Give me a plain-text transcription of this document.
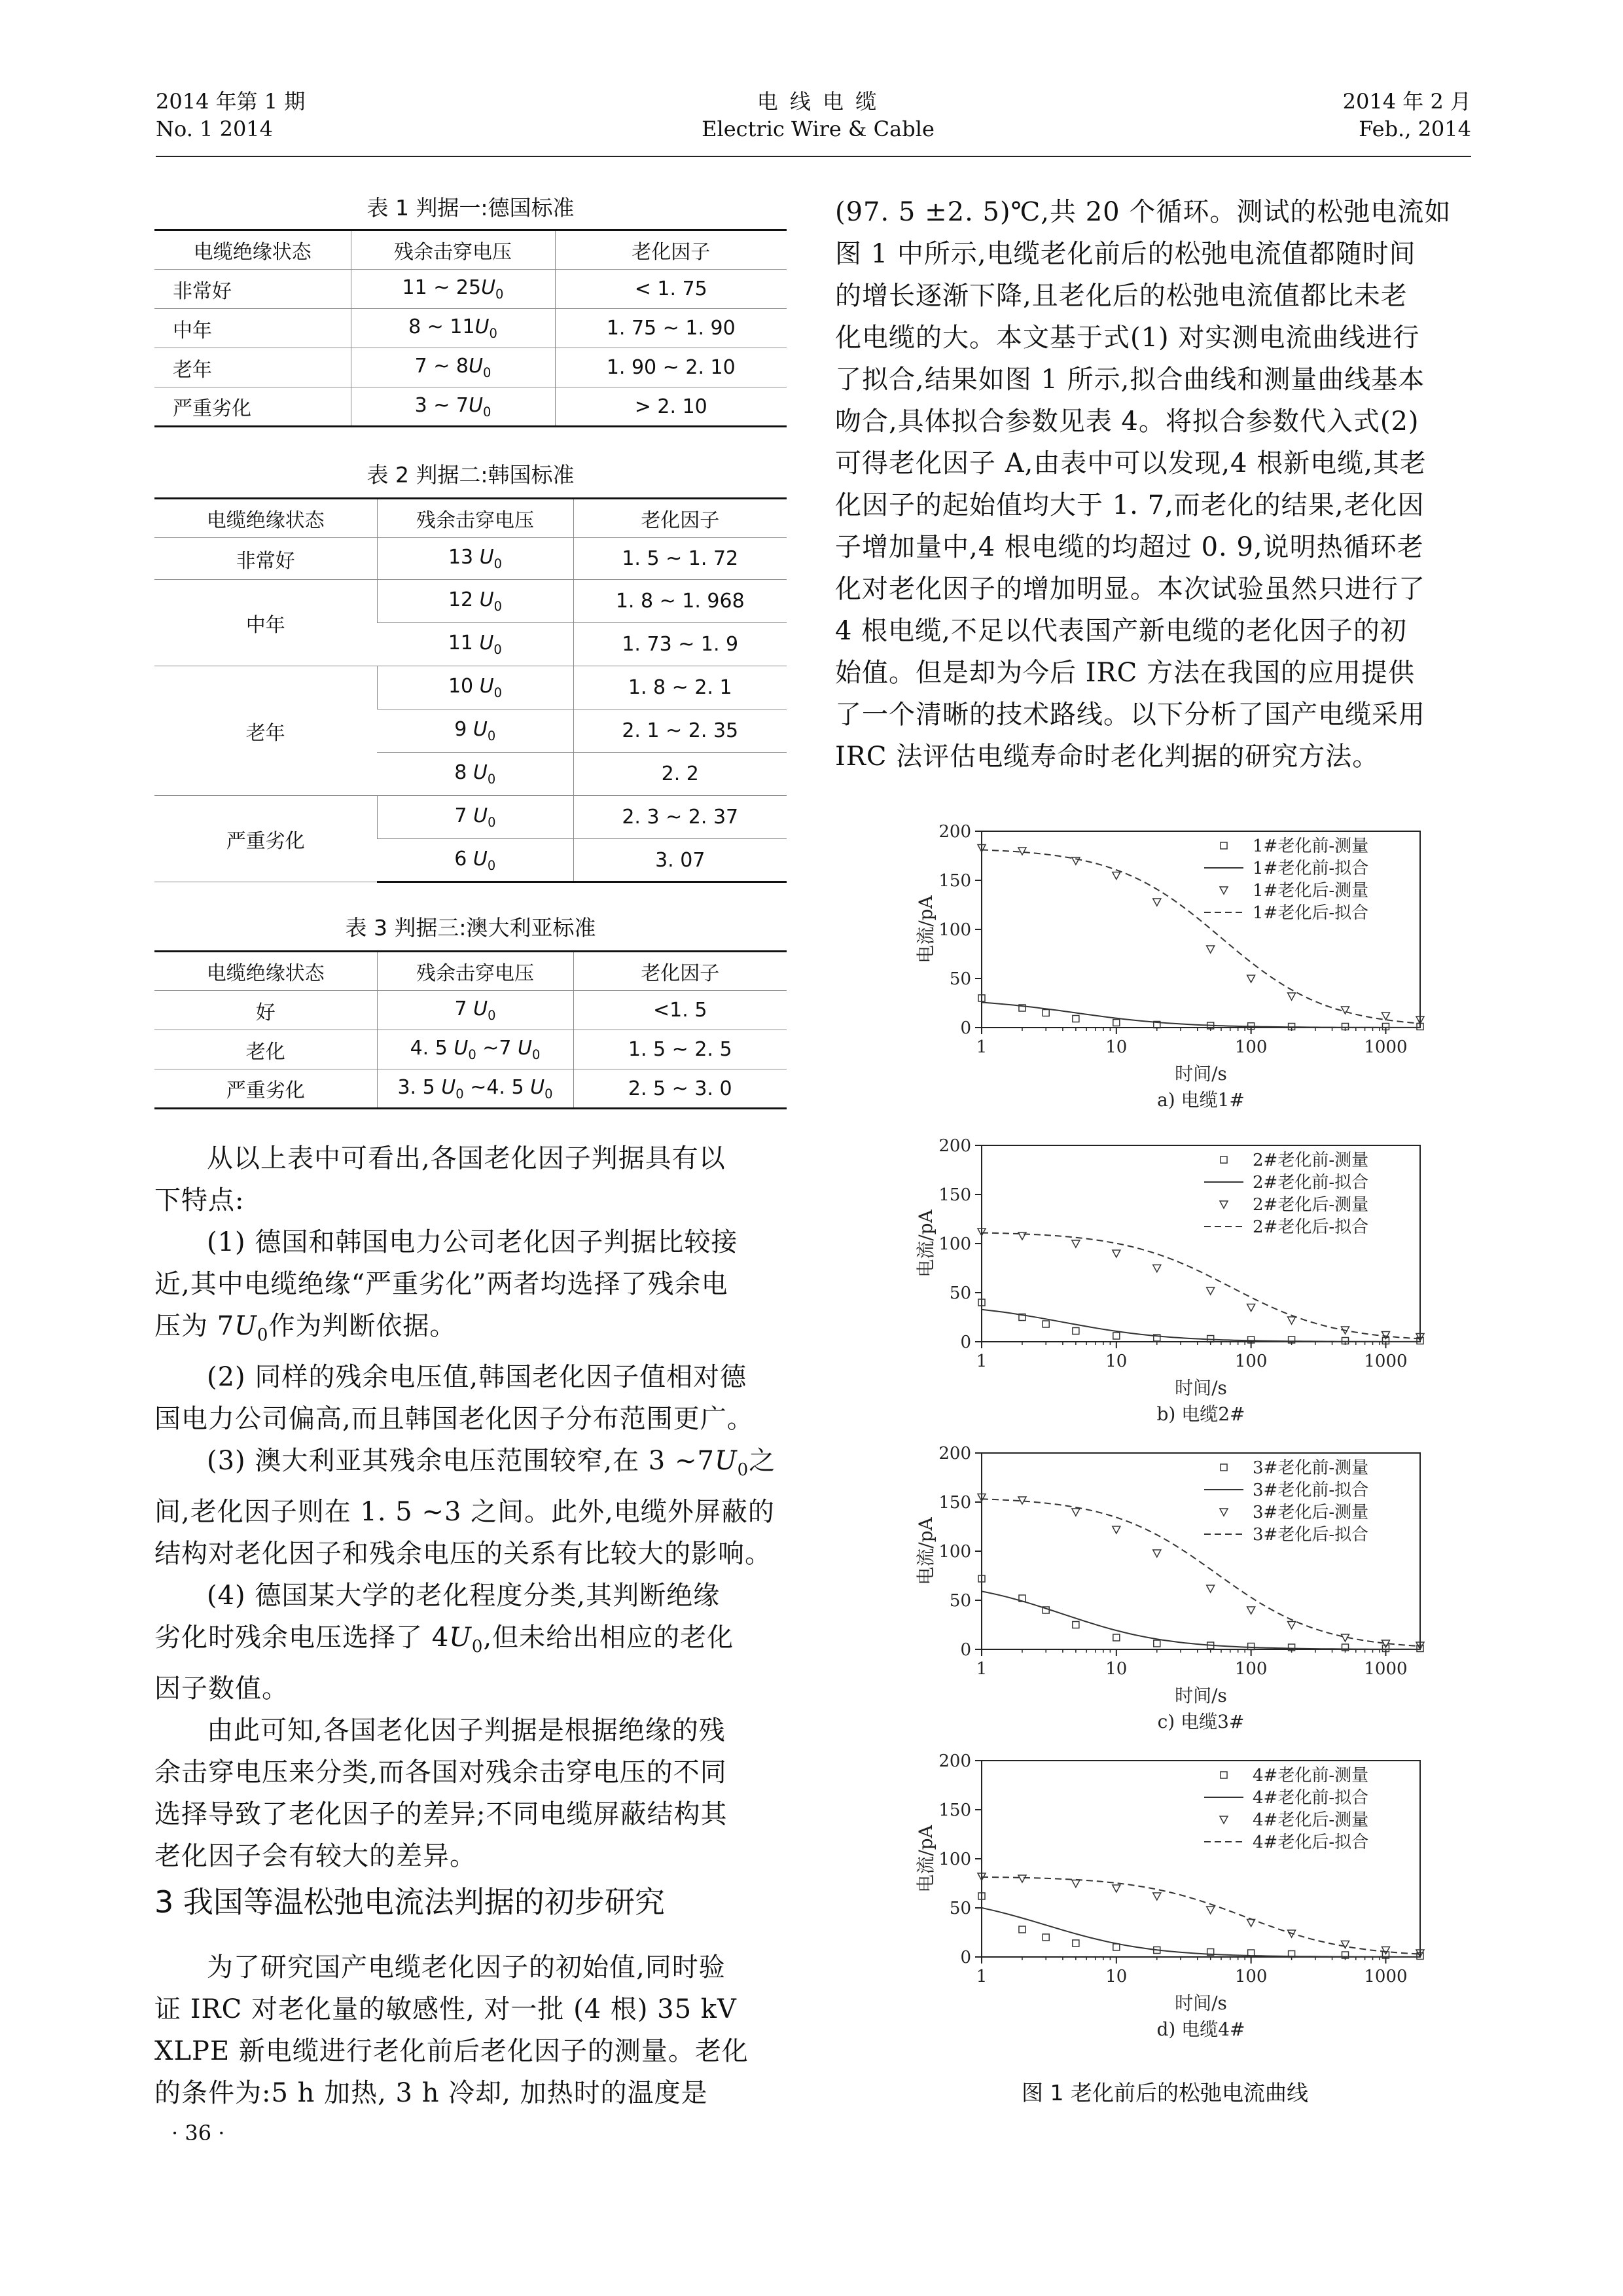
2014 年第 1 期
No. 1 2014
电 线 电 缆
Electric Wire & Cable
2014 年 2 月
Feb., 2014
表 1 判据一:德国标准
电缆绝缘状态	残余击穿电压	老化因子
非常好	11 ~ $25U_0$	< 1. 75
中年	8 ~ $11U_0$	1. 75 ~ 1. 90
老年	7 ~ $8U_0$	1. 90 ~ 2. 10
严重劣化	3 ~ $7U_0$	> 2. 10
表 2 判据二:韩国标准
电缆绝缘状态	残余击穿电压	老化因子
非常好	13 $U_0$	1. 5 ~ 1. 72
中年	12 $U_0$	1. 8 ~ 1. 968
	11 $U_0$	1. 73 ~ 1. 9
老年	10 $U_0$	1. 8 ~ 2. 1
	9 $U_0$	2. 1 ~ 2. 35
	8 $U_0$	2. 2
严重劣化	7 $U_0$	2. 3 ~ 2. 37
	6 $U_0$	3. 07
表 3 判据三:澳大利亚标准
电缆绝缘状态	残余击穿电压	老化因子
好	7 $U_0$	<1. 5
老化	4. 5 $U_0$ ~7 $U_0$	1. 5 ~ 2. 5
严重劣化	3. 5 $U_0$ ~4. 5 $U_0$	2. 5 ~ 3. 0
从以上表中可看出,各国老化因子判据具有以
下特点:
(1) 德国和韩国电力公司老化因子判据比较接
近,其中电缆绝缘“严重劣化”两者均选择了残余电
压为 $7U_0$作为判断依据。
(2) 同样的残余电压值,韩国老化因子值相对德
国电力公司偏高,而且韩国老化因子分布范围更广。
(3) 澳大利亚其残余电压范围较窄,在 3 $\sim 7U_0$之
间,老化因子则在 1. 5 ~3 之间。此外,电缆外屏蔽的
结构对老化因子和残余电压的关系有比较大的影响。
(4) 德国某大学的老化程度分类,其判断绝缘
劣化时残余电压选择了 $4U_0$,但未给出相应的老化
因子数值。
由此可知,各国老化因子判据是根据绝缘的残
余击穿电压来分类,而各国对残余击穿电压的不同
选择导致了老化因子的差异;不同电缆屏蔽结构其
老化因子会有较大的差异。
3 我国等温松弛电流法判据的初步研究
为了研究国产电缆老化因子的初始值,同时验
证 IRC 对老化量的敏感性, 对一批 (4 根) 35 kV
XLPE 新电缆进行老化前后老化因子的测量。老化
的条件为:5 h 加热, 3 h 冷却, 加热时的温度是
· 36 ·
(97. 5 ±2. 5)℃,共 20 个循环。测试的松弛电流如
图 1 中所示,电缆老化前后的松弛电流值都随时间
的增长逐渐下降,且老化后的松弛电流值都比未老
化电缆的大。本文基于式(1) 对实测电流曲线进行
了拟合,结果如图 1 所示,拟合曲线和测量曲线基本
吻合,具体拟合参数见表 4。将拟合参数代入式(2)
可得老化因子 A,由表中可以发现,4 根新电缆,其老
化因子的起始值均大于 1. 7,而老化的结果,老化因
子增加量中,4 根电缆的均超过 0. 9,说明热循环老
化对老化因子的增加明显。本次试验虽然只进行了
4 根电缆,不足以代表国产新电缆的老化因子的初
始值。但是却为今后 IRC 方法在我国的应用提供
了一个清晰的技术路线。以下分析了国产电缆采用
IRC 法评估电缆寿命时老化判据的研究方法。
0
50
100
150
200
1	10	100	1000
时间/s
电流/pA
a) 电缆1#
1#老化前-测量
1#老化前-拟合
1#老化后-测量
1#老化后-拟合
0
50
100
150
200
1	10	100	1000
时间/s
电流/pA
b) 电缆2#
2#老化前-测量
2#老化前-拟合
2#老化后-测量
2#老化后-拟合
0
50
100
150
200
1	10	100	1000
时间/s
电流/pA
c) 电缆3#
3#老化前-测量
3#老化前-拟合
3#老化后-测量
3#老化后-拟合
0
50
100
150
200
1	10	100	1000
时间/s
电流/pA
d) 电缆4#
4#老化前-测量
4#老化前-拟合
4#老化后-测量
4#老化后-拟合
图 1 老化前后的松弛电流曲线
